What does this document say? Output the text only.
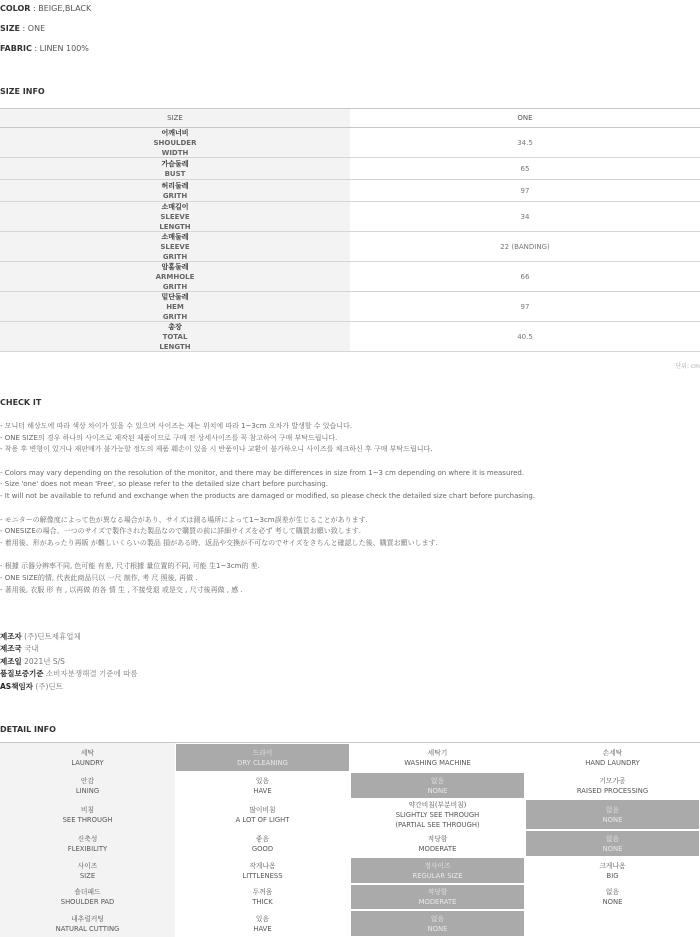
COLOR : BEIGE,BLACK
SIZE : ONE
FABRIC : LINEN 100%
SIZE INFO
SIZE	ONE
어깨너비
SHOULDER
WIDTH
34.5
가슴둘레
BUST
65
허리둘레
GRITH
97
소매길이
SLEEVE
LENGTH
34
소매둘레
SLEEVE
GRITH
22 (BANDING)
암홀둘레
ARMHOLE
GRITH
66
밑단둘레
HEM
GRITH
97
총장
TOTAL
LENGTH
40.5
단위: cm
CHECK IT
- 모니터 해상도에 따라 색상 차이가 있을 수 있으며 사이즈는 재는 위치에 따라 1~3cm 오차가 발생할 수 있습니다.
- ONE SIZE의 경우 하나의 사이즈로 제작된 제품이므로 구매 전 상세사이즈를 꼭 참고하여 구매 부탁드립니다.
- 착용 후 변형이 있거나 재판매가 불가능할 정도의 제품 훼손이 있을 시 반품이나 교환이 불가하오니 사이즈를 체크하신 후 구매 부탁드립니다.
- Colors may vary depending on the resolution of the monitor, and there may be differences in size from 1~3 cm depending on where it is measured.
- Size 'one' does not mean 'Free', so please refer to the detailed size chart before purchasing.
- It will not be available to refund and exchange when the products are damaged or modified, so please check the detailed size chart before purchasing.
- モニターの解像度によって色が異なる場合があり、サイズは測る場所によって1~3cm誤差が生じることがあります.
- ONESIZEの場合、一つのサイズで製作された製品なので購買の前に詳細サイズを必ず 考して購買お願い致します.
- 着用後、形があったり再販 が難しいくらいの製品 損がある時、返品や交換が不可なのでサイズをきちんと確認した後、購買お願いします.
- 根據 示器分辨率不同, 色可能 有差, 尺寸根據 量位置的不同, 可能 生1~3cm的 差.
- ONE SIZE的情, 代表此商品只以 一尺 制作, 考 尺 照後, 再做 .
- 著用後, 衣服 形 有 , 以再做 的各 情 生 , 不接受退 或是交 , 尺寸後再做 , 感 .
제조자 (주)딘트제휴업체
제조국 국내
제조일 2021년 S/S
품질보증기준 소비자분쟁해결 기준에 따름
AS책임자 (주)딘트
DETAIL INFO
세탁
LAUNDRY
드라이
DRY CLEANING
세탁기
WASHING MACHINE
손세탁
HAND LAUNDRY
안감
LINING
있음
HAVE
없음
NONE
기모가공
RAISED PROCESSING
비침
SEE THROUGH
많이비침
A LOT OF LIGHT
약간비침(부분비침)
SLIGHTLY SEE THROUGH
(PARTIAL SEE THROUGH)
없음
NONE
신축성
FLEXIBILITY
좋음
GOOD
적당함
MODERATE
없음
NONE
사이즈
SIZE
작게나옴
LITTLENESS
정사이즈
REGULAR SIZE
크게나옴
BIG
숄더패드
SHOULDER PAD
두꺼움
THICK
적당함
MODERATE
없음
NONE
내추럴커팅
NATURAL CUTTING
있음
HAVE
없음
NONE
